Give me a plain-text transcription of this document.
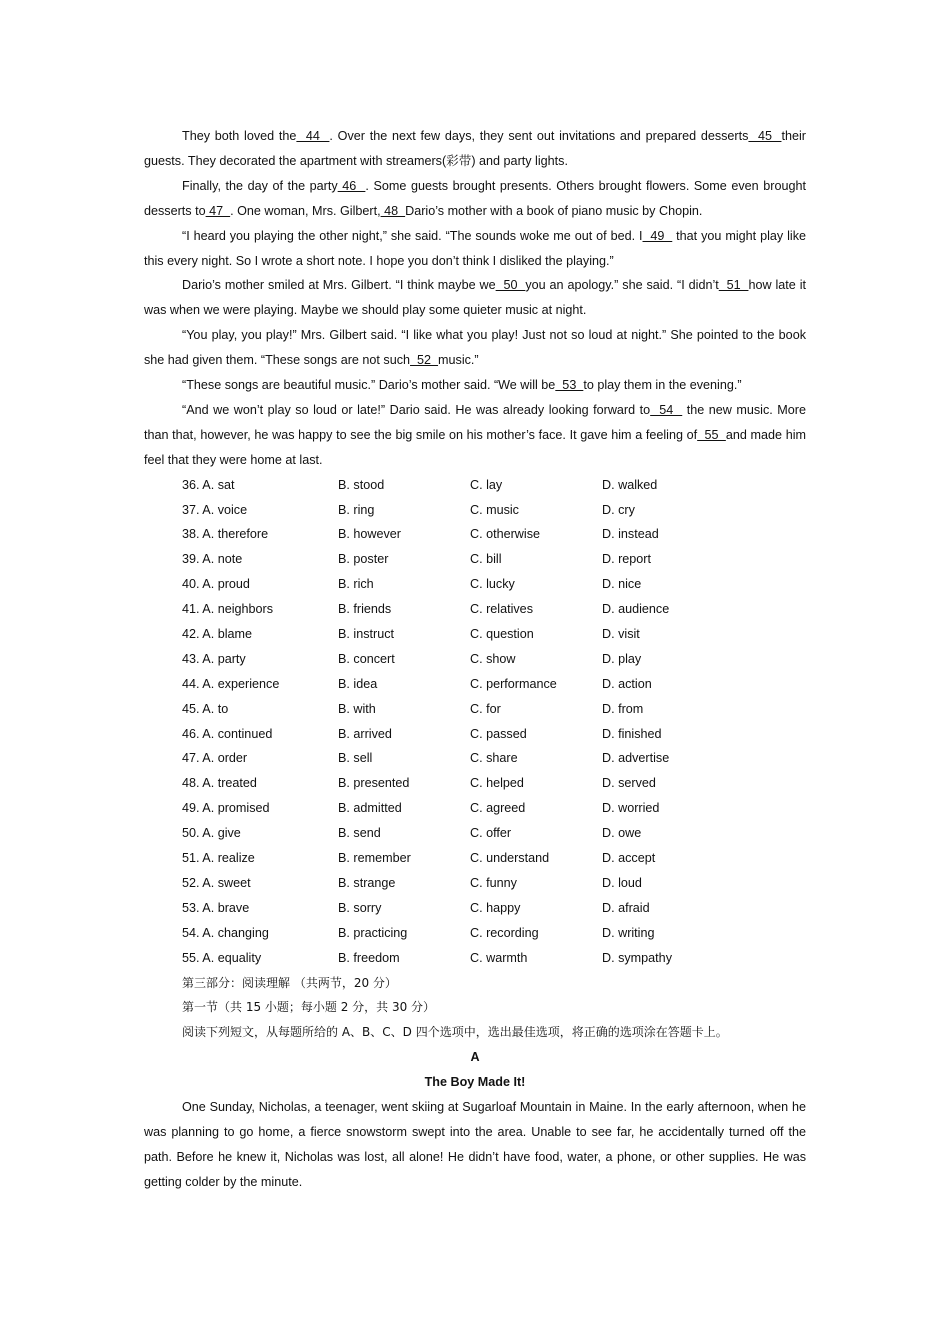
They both loved the  44  . Over the next few days, they sent out invitations and prepared desserts  45  their guests. They decorated the apartment with streamers(彩带) and party lights.

Finally, the day of the party 46  . Some guests brought presents. Others brought flowers. Some even brought desserts to 47  . One woman, Mrs. Gilbert, 48  Dario’s mother with a book of piano music by Chopin.

“I heard you playing the other night,” she said. “The sounds woke me out of bed. I  49   that you might play like this every night. So I wrote a short note. I hope you don’t think I disliked the playing.”

Dario’s mother smiled at Mrs. Gilbert. “I think maybe we  50  you an apology.” she said. “I didn’t  51  how late it was when we were playing. Maybe we should play some quieter music at night.

“You play, you play!” Mrs. Gilbert said. “I like what you play! Just not so loud at night.” She pointed to the book she had given them. “These songs are not such  52  music.”

“These songs are beautiful music.” Dario’s mother said. “We will be  53  to play them in the evening.”

“And we won’t play so loud or late!” Dario said. He was already looking forward to  54   the new music. More than that, however, he was happy to see the big smile on his mother’s face. It gave him a feeling of  55  and made him feel that they were home at last.

36. A. sat	B. stood	C. lay	D. walked
37. A. voice	B. ring	C. music	D. cry
38. A. therefore	B. however	C. otherwise	D. instead
39. A. note	B. poster	C. bill	D. report
40. A. proud	B. rich	C. lucky	D. nice
41. A. neighbors	B. friends	C. relatives	D. audience
42. A. blame	B. instruct	C. question	D. visit
43. A. party	B. concert	C. show	D. play
44. A. experience	B. idea	C. performance	D. action
45. A. to	B. with	C. for	D. from
46. A. continued	B. arrived	C. passed	D. finished
47. A. order	B. sell	C. share	D. advertise
48. A. treated	B. presented	C. helped	D. served
49. A. promised	B. admitted	C. agreed	D. worried
50. A. give	B. send	C. offer	D. owe
51. A. realize	B. remember	C. understand	D. accept
52. A. sweet	B. strange	C. funny	D. loud
53. A. brave	B. sorry	C. happy	D. afraid
54. A. changing	B. practicing	C. recording	D. writing
55. A. equality	B. freedom	C. warmth	D. sympathy
第三部分：阅读理解 （共两节，20 分）
第一节（共 15 小题；每小题 2 分，共 30 分）
阅读下列短文，从每题所给的 A、B、C、D 四个选项中，选出最佳选项，将正确的选项涂在答题卡上。
A
The Boy Made It!

One Sunday, Nicholas, a teenager, went skiing at Sugarloaf Mountain in Maine. In the early afternoon, when he was planning to go home, a fierce snowstorm swept into the area. Unable to see far, he accidentally turned off the path. Before he knew it, Nicholas was lost, all alone! He didn’t have food, water, a phone, or other supplies. He was getting colder by the minute.
